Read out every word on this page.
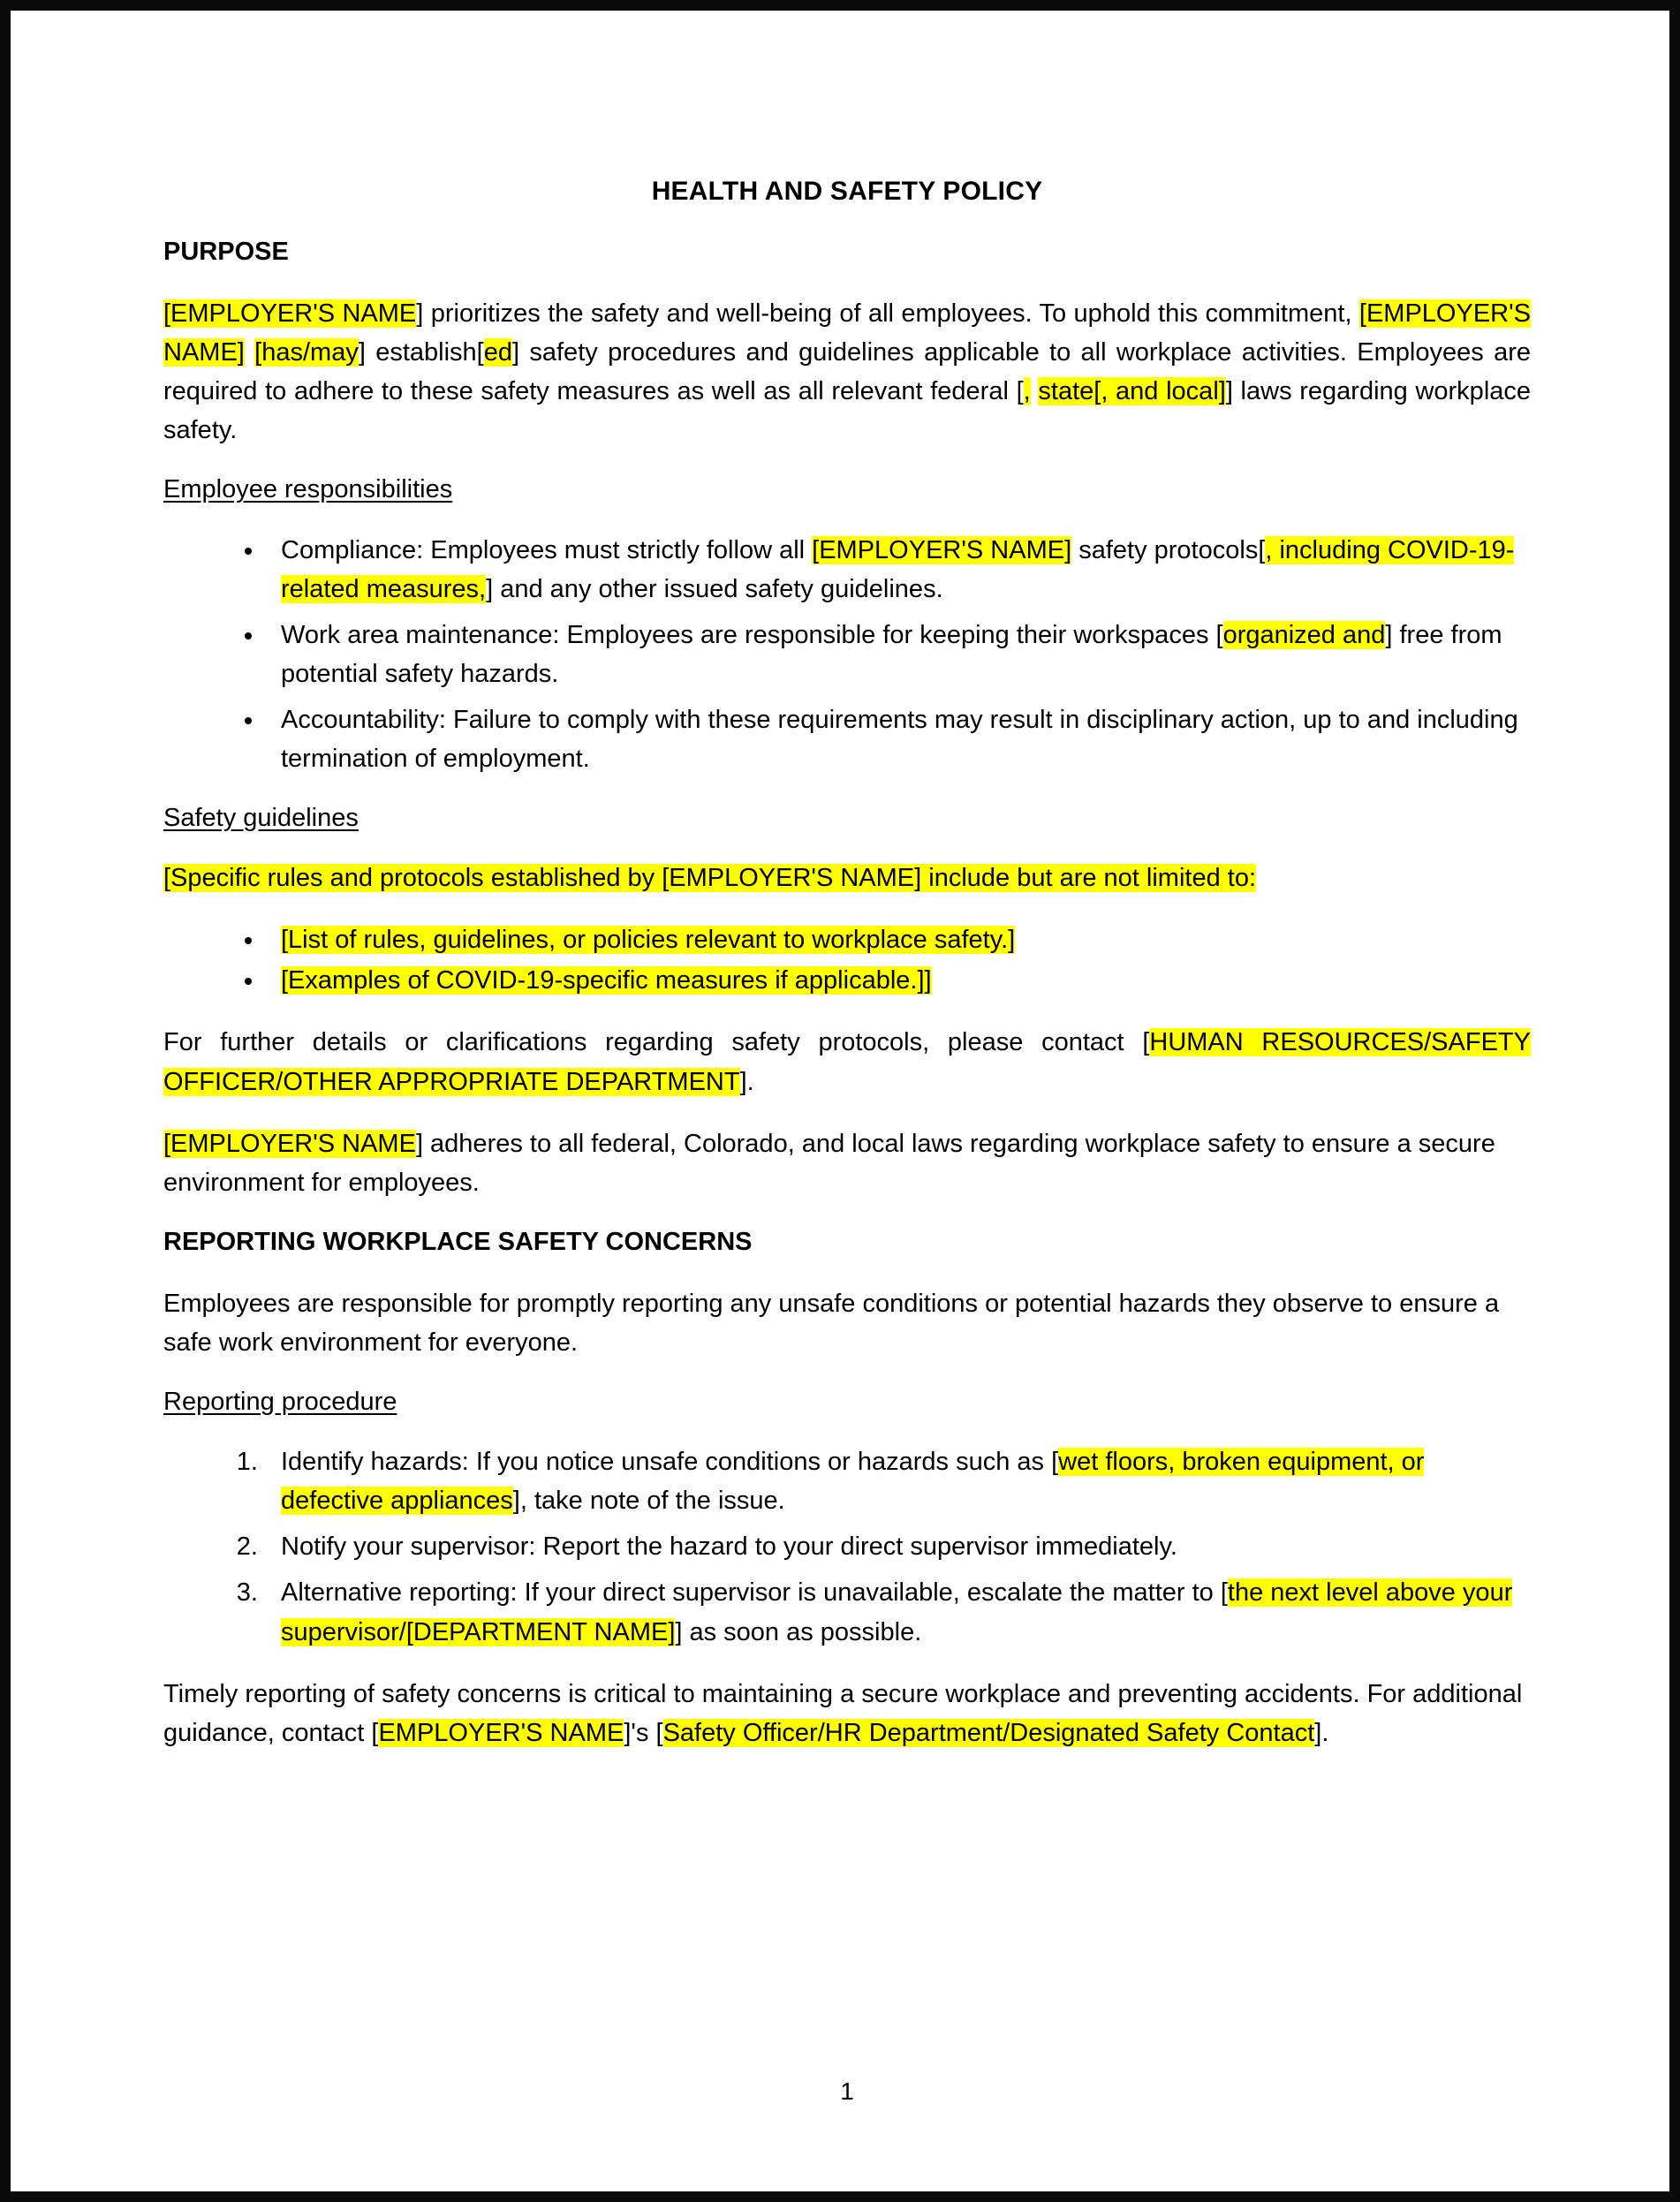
HEALTH AND SAFETY POLICY
PURPOSE

[EMPLOYER'S NAME] prioritizes the safety and well-being of all employees. To uphold this commitment, [EMPLOYER'S NAME] [has/may] establish[ed] safety procedures and guidelines applicable to all workplace activities. Employees are required to adhere to these safety measures as well as all relevant federal [, state[, and local]] laws regarding workplace safety.

Employee responsibilities
• Compliance: Employees must strictly follow all [EMPLOYER'S NAME] safety protocols[, including COVID-19-related measures,] and any other issued safety guidelines.
• Work area maintenance: Employees are responsible for keeping their workspaces [organized and] free from potential safety hazards.
• Accountability: Failure to comply with these requirements may result in disciplinary action, up to and including termination of employment.
Safety guidelines

[Specific rules and protocols established by [EMPLOYER'S NAME] include but are not limited to:

• [List of rules, guidelines, or policies relevant to workplace safety.]
• [Examples of COVID-19-specific measures if applicable.]]

For further details or clarifications regarding safety protocols, please contact [HUMAN RESOURCES/SAFETY OFFICER/OTHER APPROPRIATE DEPARTMENT].

[EMPLOYER'S NAME] adheres to all federal, Colorado, and local laws regarding workplace safety to ensure a secure environment for employees.

REPORTING WORKPLACE SAFETY CONCERNS

Employees are responsible for promptly reporting any unsafe conditions or potential hazards they observe to ensure a safe work environment for everyone.

Reporting procedure
1. Identify hazards: If you notice unsafe conditions or hazards such as [wet floors, broken equipment, or defective appliances], take note of the issue.
2. Notify your supervisor: Report the hazard to your direct supervisor immediately.
3. Alternative reporting: If your direct supervisor is unavailable, escalate the matter to [the next level above your supervisor/[DEPARTMENT NAME]] as soon as possible.

Timely reporting of safety concerns is critical to maintaining a secure workplace and preventing accidents. For additional guidance, contact [EMPLOYER'S NAME]'s [Safety Officer/HR Department/Designated Safety Contact].

1
